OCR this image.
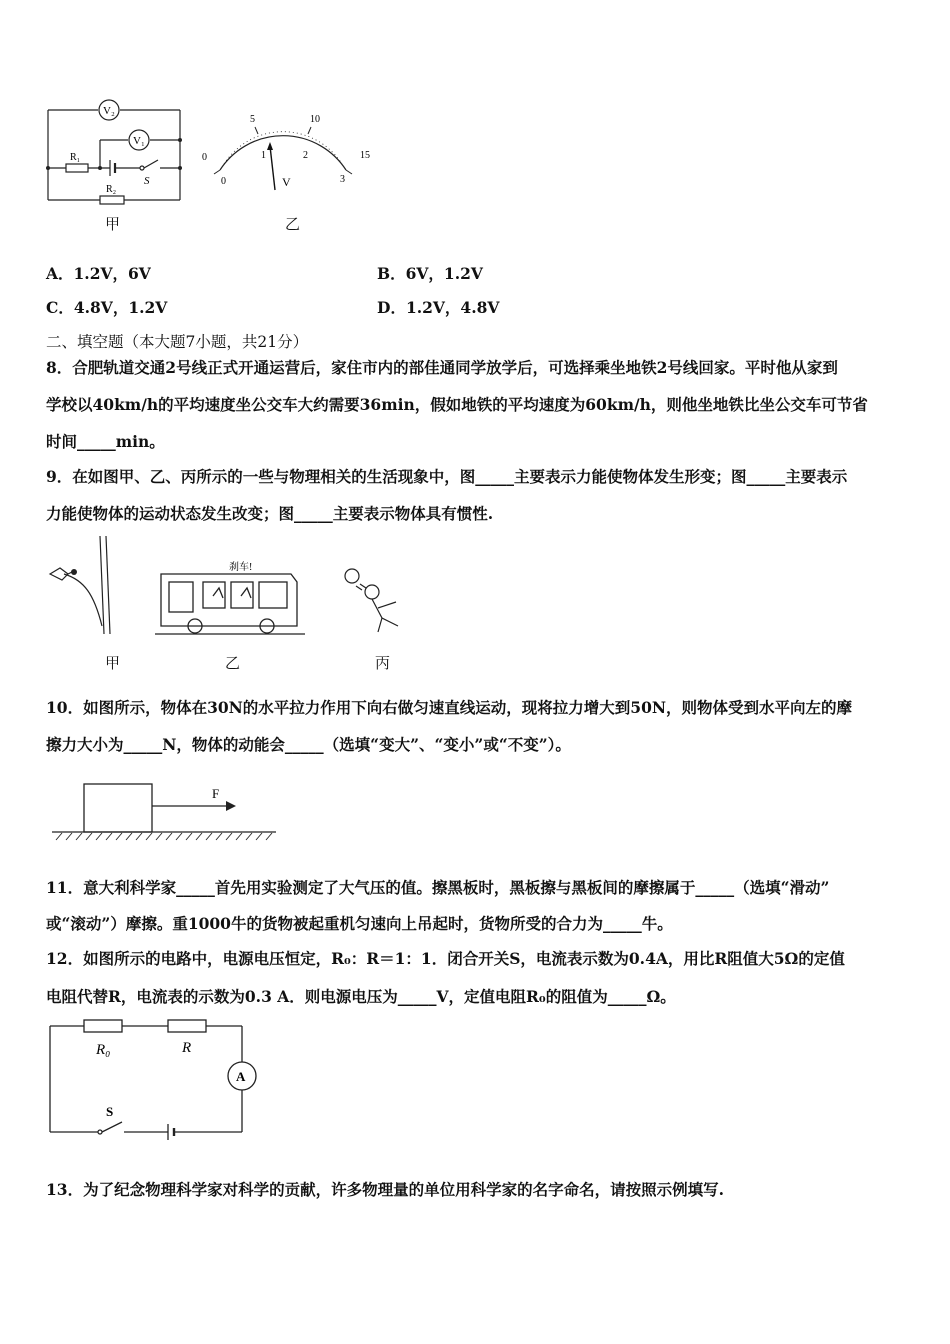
V₂
V₁
R₁
R₂
S
甲
0
5	10
15
0
1	2
3
V
乙
A．1.2V，6V	B．6V，1.2V
C．4.8V，1.2V	D．1.2V，4.8V
二、填空题（本大题7小题，共21分）
8．合肥轨道交通2号线正式开通运营后，家住市内的部佳通同学放学后，可选择乘坐地铁2号线回家。平时他从家到
学校以40km/h的平均速度坐公交车大约需要36min，假如地铁的平均速度为60km/h，则他坐地铁比坐公交车可节省
时间_____min。
9．在如图甲、乙、丙所示的一些与物理相关的生活现象中，图_____主要表示力能使物体发生形变；图_____主要表示
力能使物体的运动状态发生改变；图_____主要表示物体具有惯性.
甲
刹车!
乙	丙
10．如图所示，物体在30N的水平拉力作用下向右做匀速直线运动，现将拉力增大到50N，则物体受到水平向左的摩
擦力大小为_____N，物体的动能会_____（选填“变大”、“变小”或“不变”）。
F
11．意大利科学家_____首先用实验测定了大气压的值。擦黑板时，黑板擦与黑板间的摩擦属于_____（选填“滑动”
或“滚动”）摩擦。重1000牛的货物被起重机匀速向上吊起时，货物所受的合力为_____牛。
12．如图所示的电路中，电源电压恒定，R₀：R＝1：1．闭合开关S，电流表示数为0.4A，用比R阻值大5Ω的定值
电阻代替R，电流表的示数为0.3 A．则电源电压为_____V，定值电阻R₀的阻值为_____Ω。
R₀	R
A
S
13．为了纪念物理科学家对科学的贡献，许多物理量的单位用科学家的名字命名，请按照示例填写.
